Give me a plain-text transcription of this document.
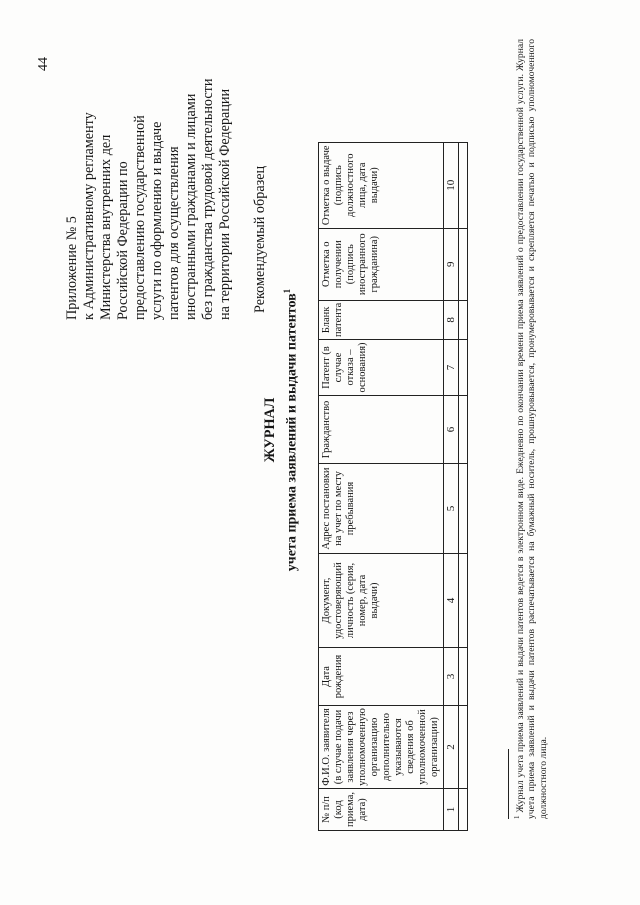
44
Приложение № 5 к Административному регламенту Министерства внутренних дел Российской Федерации по предоставлению государственной услуги по оформлению и выдаче патентов для осуществления иностранными гражданами и лицами без гражданства трудовой деятельности на территории Российской Федерации Рекомендуемый образец
ЖУРНАЛ учета приема заявлений и выдачи патентов$^1$
№ п/п (код приема, дата)	Ф.И.О. заявителя (в случае подачи заявления через уполномоченную организацию дополнительно указываются сведения об уполномоченной организации)	Дата рождения	Документ, удостоверяющий личность (серия, номер, дата выдачи)	Адрес постановки на учет по месту пребывания	Гражданство	Патент (в случае отказа – основания)	Бланк патента	Отметка о получении (подпись иностранного гражданина)	Отметка о выдаче (подпись должностного лица, дата выдачи)
1	2	3	4	5	6	7	8	9	10

$^1$ Журнал учета приема заявлений и выдачи патентов ведется в электронном виде. Ежедневно по окончании времени приема заявлений о предоставлении государственной услуги. Журнал учета приема заявлений и выдачи патентов распечатывается на бумажный носитель, прошнуровывается, пронумеровывается и скрепляется печатью и подписью уполномоченного должностного лица.
